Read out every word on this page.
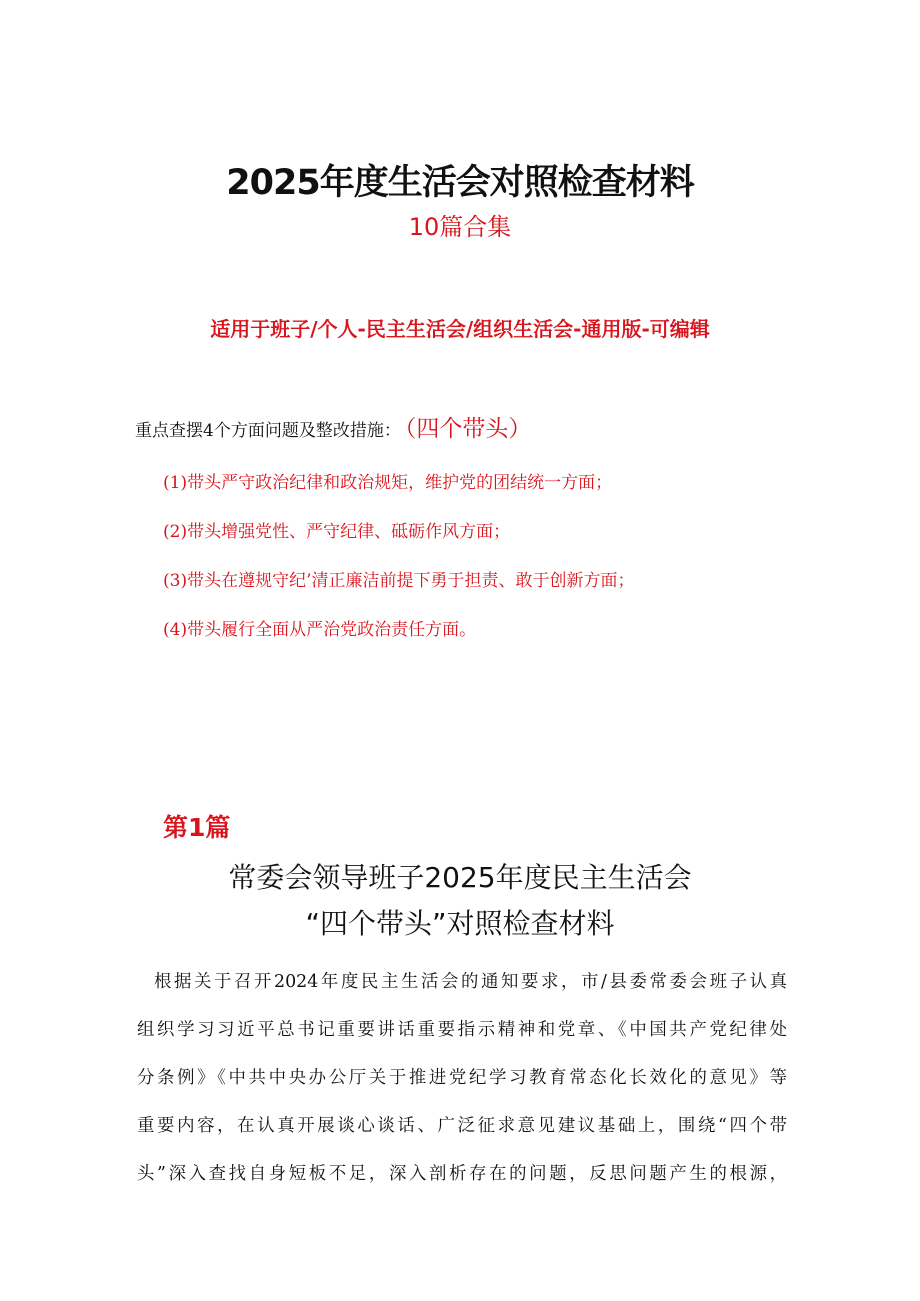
2025年度生活会对照检查材料
10篇合集
适用于班子/个人-民主生活会/组织生活会-通用版-可编辑
重点查摆4个方面问题及整改措施： （四个带头）
(1)带头严守政治纪律和政治规矩，维护党的团结统一方面；
(2)带头增强党性、严守纪律、砥砺作风方面；
(3)带头在遵规守纪’清正廉洁前提下勇于担责、敢于创新方面；
(4)带头履行全面从严治党政治责任方面。
第1篇
常委会领导班子2025年度民主生活会
“四个带头”对照检查材料

根据关于召开2024年度民主生活会的通知要求，市/县委常委会班子认真
组织学习习近平总书记重要讲话重要指示精神和党章、《中国共产党纪律处
分条例》《中共中央办公厅关于推进党纪学习教育常态化长效化的意见》等
重要内容，在认真开展谈心谈话、广泛征求意见建议基础上，围绕“四个带
头”深入查找自身短板不足，深入剖析存在的问题，反思问题产生的根源，
